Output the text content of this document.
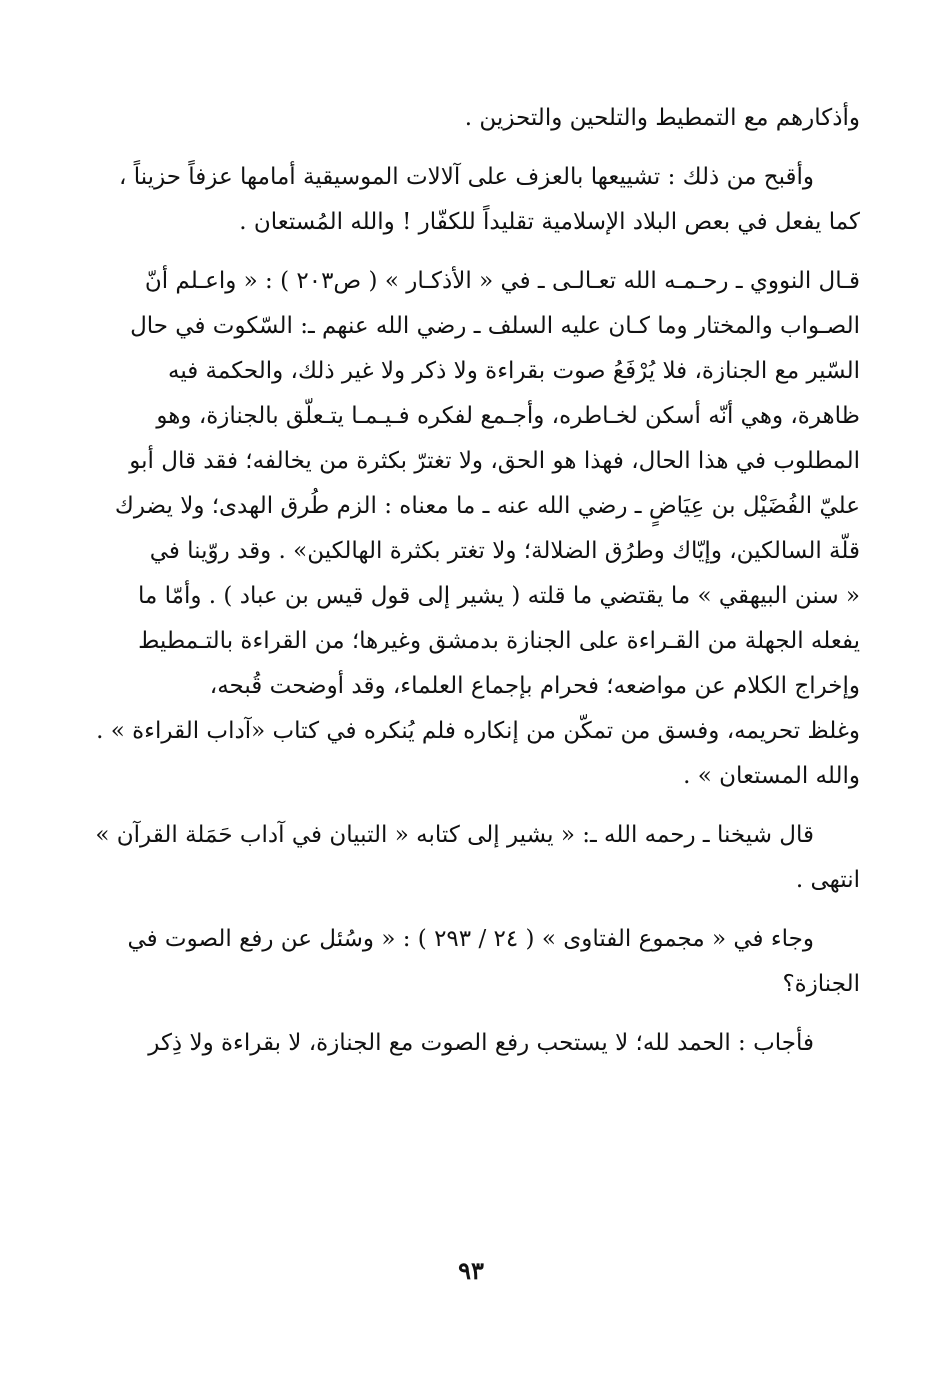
وأذكارهم مع التمطيط والتلحين والتحزين .
وأقبح من ذلك : تشييعها بالعزف على آلالات الموسيقية أمامها عزفاً حزيناً ،
كما يفعل في بعص البلاد الإسلامية تقليداً للكفّار ! والله المُستعان .
قـال النووي ـ رحـمـه الله تعـالـى ـ في « الأذكـار » ( ص٢٠٣ ) : « واعـلم أنّ
الصـواب والمختار وما كـان عليه السلف ـ رضي الله عنهم ـ: السّكوت في حال
السّير مع الجنازة، فلا يُرْفَعُ صوت بقراءة ولا ذكر ولا غير ذلك، والحكمة فيه
ظاهرة، وهي أنّه أسكن لخـاطره، وأجـمع لفكره فـيـمـا يتـعلّق بالجنازة، وهو
المطلوب في هذا الحال، فهذا هو الحق، ولا تغترّ بكثرة من يخالفه؛ فقد قال أبو
عليّ الفُضَيْل بن عِيَاضٍ ـ رضي الله عنه ـ ما معناه : الزم طُرق الهدى؛ ولا يضرك
قلّة السالكين، وإيّاك وطرُق الضلالة؛ ولا تغتر بكثرة الهالكين» . وقد روّينا في
« سنن البيهقي » ما يقتضي ما قلته ( يشير إلى قول قيس بن عباد ) . وأمّا ما
يفعله الجهلة من القـراءة على الجنازة بدمشق وغيرها؛ من القراءة بالتـمطيط
وإخراج الكلام عن مواضعه؛ فحرام بإجماع العلماء، وقد أوضحت قُبحه،
وغلظ تحريمه، وفسق من تمكّن من إنكاره فلم يُنكره في كتاب «آداب القراءة » .
والله المستعان » .
قال شيخنا ـ رحمه الله ـ: « يشير إلى كتابه « التبيان في آداب حَمَلة القرآن »
انتهى .
وجاء في « مجموع الفتاوى » ( ٢٤ / ٢٩٣ ) : « وسُئل عن رفع الصوت في
الجنازة؟
فأجاب : الحمد لله؛ لا يستحب رفع الصوت مع الجنازة، لا بقراءة ولا ذِكر
٩٣
